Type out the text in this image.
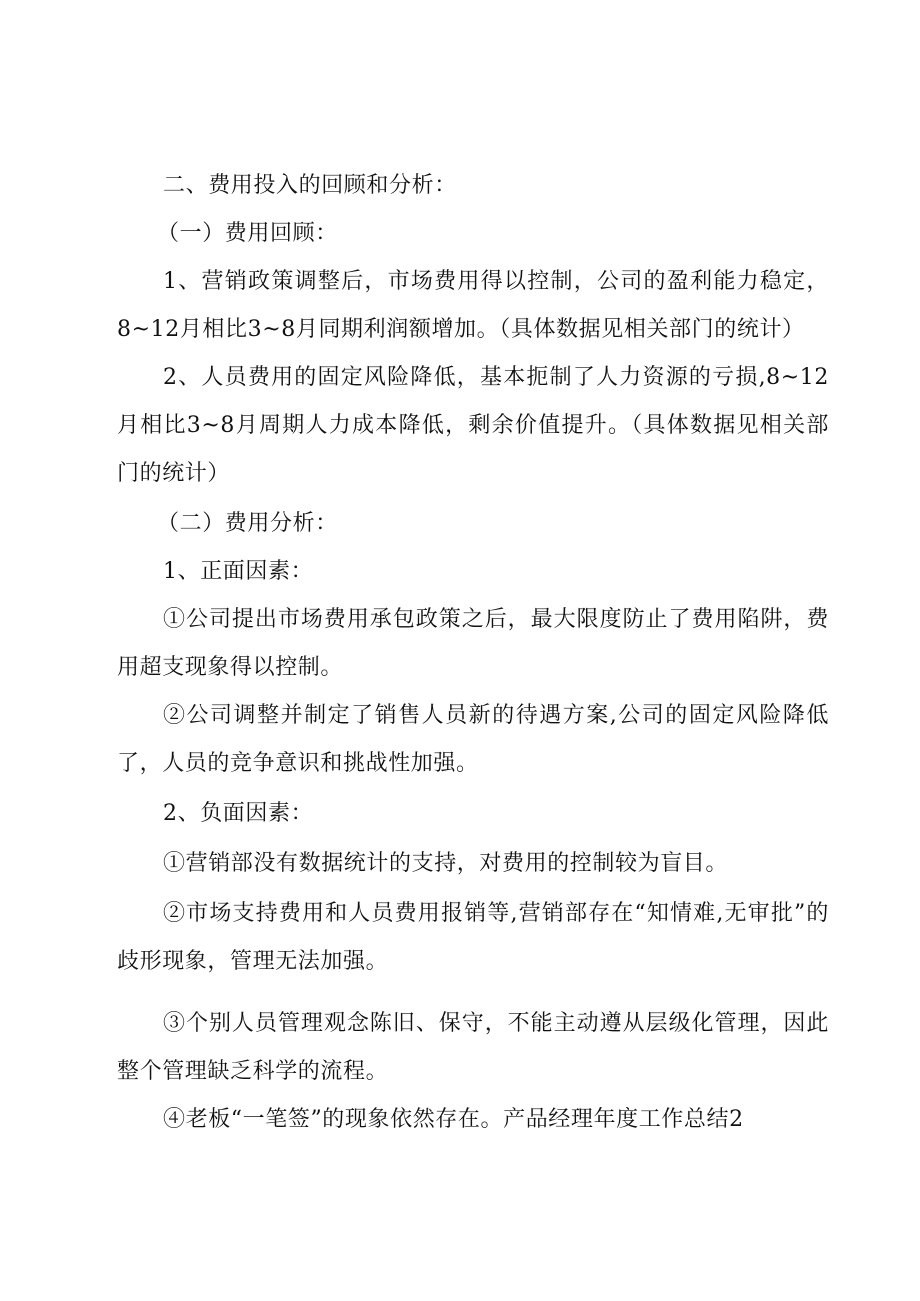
二、费用投入的回顾和分析：

（一）费用回顾：

1、营销政策调整后，市场费用得以控制，公司的盈利能力稳定，8~12月相比3~8月同期利润额增加。（具体数据见相关部门的统计）

2、人员费用的固定风险降低，基本扼制了人力资源的亏损,8~12月相比3~8月周期人力成本降低，剩余价值提升。（具体数据见相关部门的统计）

（二）费用分析：

1、正面因素：

①公司提出市场费用承包政策之后，最大限度防止了费用陷阱，费用超支现象得以控制。

②公司调整并制定了销售人员新的待遇方案,公司的固定风险降低了，人员的竞争意识和挑战性加强。

2、负面因素：

①营销部没有数据统计的支持，对费用的控制较为盲目。

②市场支持费用和人员费用报销等,营销部存在“知情难,无审批”的歧形现象，管理无法加强。

③个别人员管理观念陈旧、保守，不能主动遵从层级化管理，因此整个管理缺乏科学的流程。

④老板“一笔签”的现象依然存在。产品经理年度工作总结2
